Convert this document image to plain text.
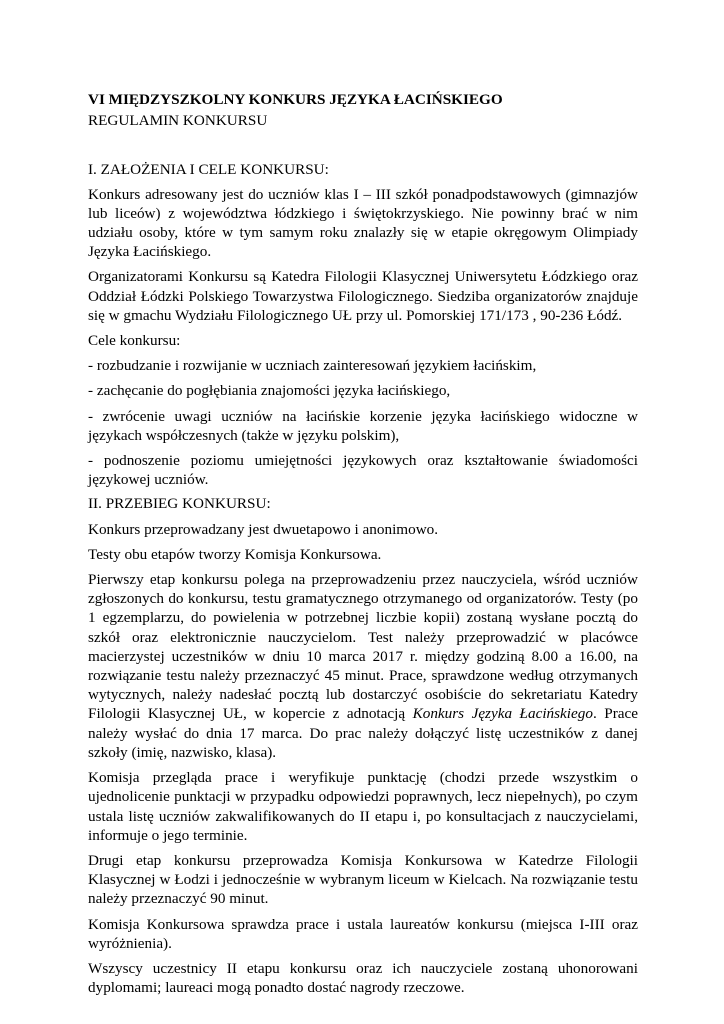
VI MIĘDZYSZKOLNY KONKURS JĘZYKA ŁACIŃSKIEGO

REGULAMIN KONKURSU

I. ZAŁOŻENIA I CELE KONKURSU:

Konkurs adresowany jest do uczniów klas I – III szkół ponadpodstawowych (gimnazjów lub liceów) z województwa łódzkiego i świętokrzyskiego. Nie powinny brać w nim udziału osoby, które w tym samym roku znalazły się w etapie okręgowym Olimpiady Języka Łacińskiego.

Organizatorami Konkursu są Katedra Filologii Klasycznej Uniwersytetu Łódzkiego oraz Oddział Łódzki Polskiego Towarzystwa Filologicznego. Siedziba organizatorów znajduje się w gmachu Wydziału Filologicznego UŁ przy ul. Pomorskiej 171/173 , 90-236 Łódź.

Cele konkursu:

- rozbudzanie i rozwijanie w uczniach zainteresowań językiem łacińskim,

- zachęcanie do pogłębiania znajomości języka łacińskiego,

- zwrócenie uwagi uczniów na łacińskie korzenie języka łacińskiego widoczne w językach współczesnych (także w języku polskim),

- podnoszenie poziomu umiejętności językowych oraz kształtowanie świadomości językowej uczniów.

II. PRZEBIEG KONKURSU:

Konkurs przeprowadzany jest dwuetapowo i anonimowo.

Testy obu etapów tworzy Komisja Konkursowa.

Pierwszy etap konkursu polega na przeprowadzeniu przez nauczyciela, wśród uczniów zgłoszonych do konkursu, testu gramatycznego otrzymanego od organizatorów. Testy (po 1 egzemplarzu, do powielenia w potrzebnej liczbie kopii) zostaną wysłane pocztą do szkół oraz elektronicznie nauczycielom. Test należy przeprowadzić w placówce macierzystej uczestników w dniu 10 marca 2017 r. między godziną 8.00 a 16.00, na rozwiązanie testu należy przeznaczyć 45 minut. Prace, sprawdzone według otrzymanych wytycznych, należy nadesłać pocztą lub dostarczyć osobiście do sekretariatu Katedry Filologii Klasycznej UŁ, w kopercie z adnotacją Konkurs Języka Łacińskiego. Prace należy wysłać do dnia 17 marca. Do prac należy dołączyć listę uczestników z danej szkoły (imię, nazwisko, klasa).

Komisja przegląda prace i weryfikuje punktację (chodzi przede wszystkim o ujednolicenie punktacji w przypadku odpowiedzi poprawnych, lecz niepełnych), po czym ustala listę uczniów zakwalifikowanych do II etapu i, po konsultacjach z nauczycielami, informuje o jego terminie.

Drugi etap konkursu przeprowadza Komisja Konkursowa w Katedrze Filologii Klasycznej w Łodzi i jednocześnie w wybranym liceum w Kielcach. Na rozwiązanie testu należy przeznaczyć 90 minut.

Komisja Konkursowa sprawdza prace i ustala laureatów konkursu (miejsca I-III oraz wyróżnienia).

Wszyscy uczestnicy II etapu konkursu oraz ich nauczyciele zostaną uhonorowani dyplomami; laureaci mogą ponadto dostać nagrody rzeczowe.
